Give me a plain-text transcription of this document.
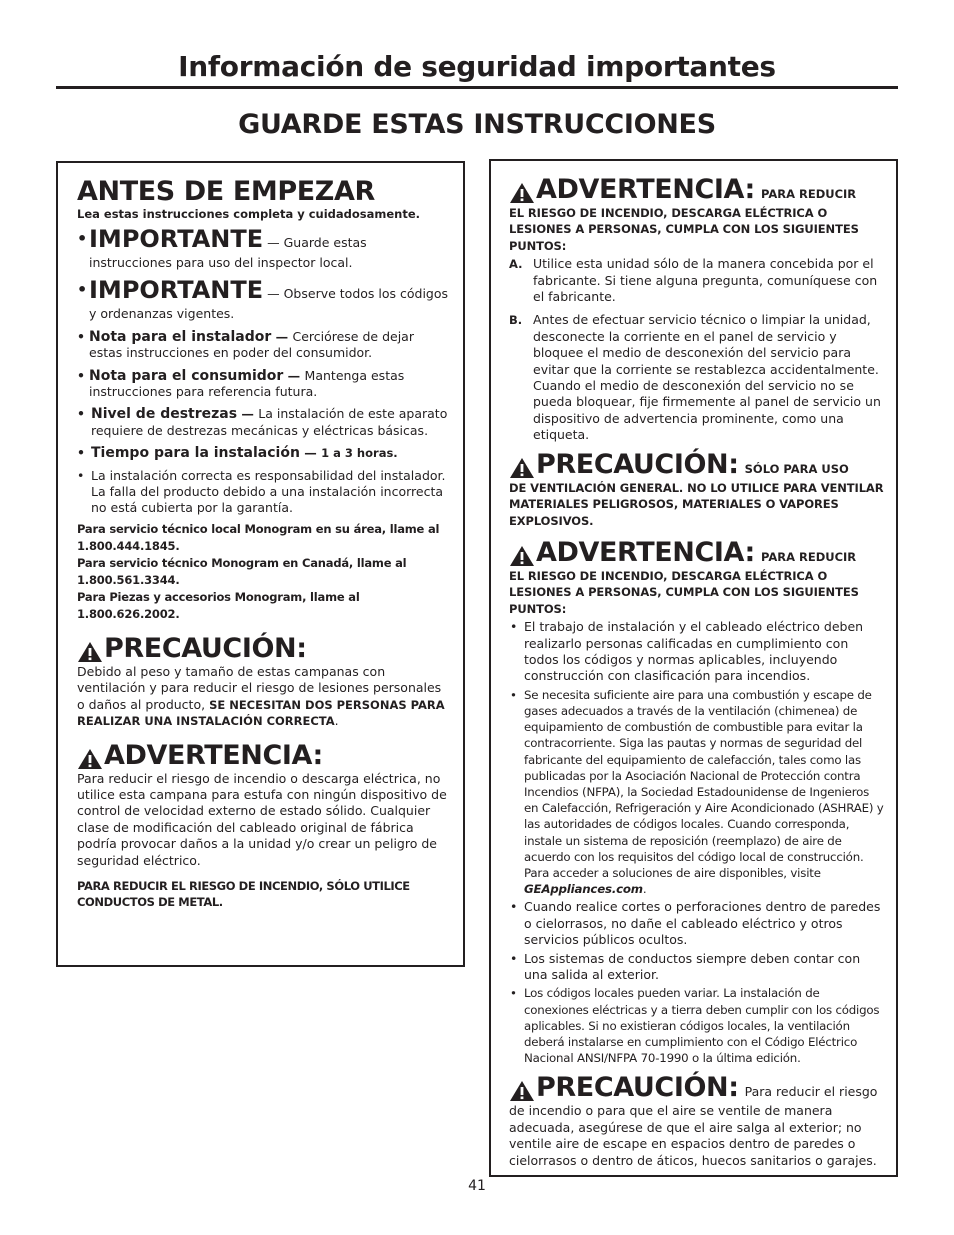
Información de seguridad importantes
GUARDE ESTAS INSTRUCCIONES
ANTES DE EMPEZAR

Lea estas instrucciones completa y cuidadosamente.

• IMPORTANTE — Guarde estas instrucciones para uso del inspector local.
• IMPORTANTE — Observe todos los códigos y ordenanzas vigentes.
• Nota para el instalador — Cerciórese de dejar estas instrucciones en poder del consumidor.
• Nota para el consumidor — Mantenga estas instrucciones para referencia futura.
• Nivel de destrezas — La instalación de este aparato requiere de destrezas mecánicas y eléctricas básicas.
• Tiempo para la instalación — 1 a 3 horas.
• La instalación correcta es responsabilidad del instalador. La falla del producto debido a una instalación incorrecta no está cubierta por la garantía.

Para servicio técnico local Monogram en su área, llame al 1.800.444.1845.

Para servicio técnico Monogram en Canadá, llame al 1.800.561.3344.

Para Piezas y accesorios Monogram, llame al 1.800.626.2002.

PRECAUCIÓN:

Debido al peso y tamaño de estas campanas con ventilación y para reducir el riesgo de lesiones personales o daños al producto, SE NECESITAN DOS PERSONAS PARA REALIZAR UNA INSTALACIÓN CORRECTA.

ADVERTENCIA:

Para reducir el riesgo de incendio o descarga eléctrica, no utilice esta campana para estufa con ningún dispositivo de control de velocidad externo de estado sólido. Cualquier clase de modificación del cableado original de fábrica podría provocar daños a la unidad y/o crear un peligro de seguridad eléctrico.

PARA REDUCIR EL RIESGO DE INCENDIO, SÓLO UTILICE CONDUCTOS DE METAL.

ADVERTENCIA: PARA REDUCIR

EL RIESGO DE INCENDIO, DESCARGA ELÉCTRICA O LESIONES A PERSONAS, CUMPLA CON LOS SIGUIENTES PUNTOS:

A. Utilice esta unidad sólo de la manera concebida por el fabricante. Si tiene alguna pregunta, comuníquese con el fabricante.
B. Antes de efectuar servicio técnico o limpiar la unidad, desconecte la corriente en el panel de servicio y bloquee el medio de desconexión del servicio para evitar que la corriente se restablezca accidentalmente. Cuando el medio de desconexión del servicio no se pueda bloquear, fije firmemente al panel de servicio un dispositivo de advertencia prominente, como una etiqueta.
PRECAUCIÓN: SÓLO PARA USO

DE VENTILACIÓN GENERAL. NO LO UTILICE PARA VENTILAR MATERIALES PELIGROSOS, MATERIALES O VAPORES EXPLOSIVOS.

ADVERTENCIA: PARA REDUCIR

EL RIESGO DE INCENDIO, DESCARGA ELÉCTRICA O LESIONES A PERSONAS, CUMPLA CON LOS SIGUIENTES PUNTOS:

• El trabajo de instalación y el cableado eléctrico deben realizarlo personas calificadas en cumplimiento con todos los códigos y normas aplicables, incluyendo construcción con clasificación para incendios.
• Se necesita suficiente aire para una combustión y escape de gases adecuados a través de la ventilación (chimenea) de equipamiento de combustión de combustible para evitar la contracorriente. Siga las pautas y normas de seguridad del fabricante del equipamiento de calefacción, tales como las publicadas por la Asociación Nacional de Protección contra Incendios (NFPA), la Sociedad Estadounidense de Ingenieros en Calefacción, Refrigeración y Aire Acondicionado (ASHRAE) y las autoridades de códigos locales. Cuando corresponda, instale un sistema de reposición (reemplazo) de aire de acuerdo con los requisitos del código local de construcción. Para acceder a soluciones de aire disponibles, visite GEAppliances.com.
• Cuando realice cortes o perforaciones dentro de paredes o cielorrasos, no dañe el cableado eléctrico y otros servicios públicos ocultos.
• Los sistemas de conductos siempre deben contar con una salida al exterior.
• Los códigos locales pueden variar. La instalación de conexiones eléctricas y a tierra deben cumplir con los códigos aplicables. Si no existieran códigos locales, la ventilación deberá instalarse en cumplimiento con el Código Eléctrico Nacional ANSI/NFPA 70-1990 o la última edición.
PRECAUCIÓN: Para reducir el riesgo

de incendio o para que el aire se ventile de manera adecuada, asegúrese de que el aire salga al exterior; no ventile aire de escape en espacios dentro de paredes o cielorrasos o dentro de áticos, huecos sanitarios o garajes.

41
